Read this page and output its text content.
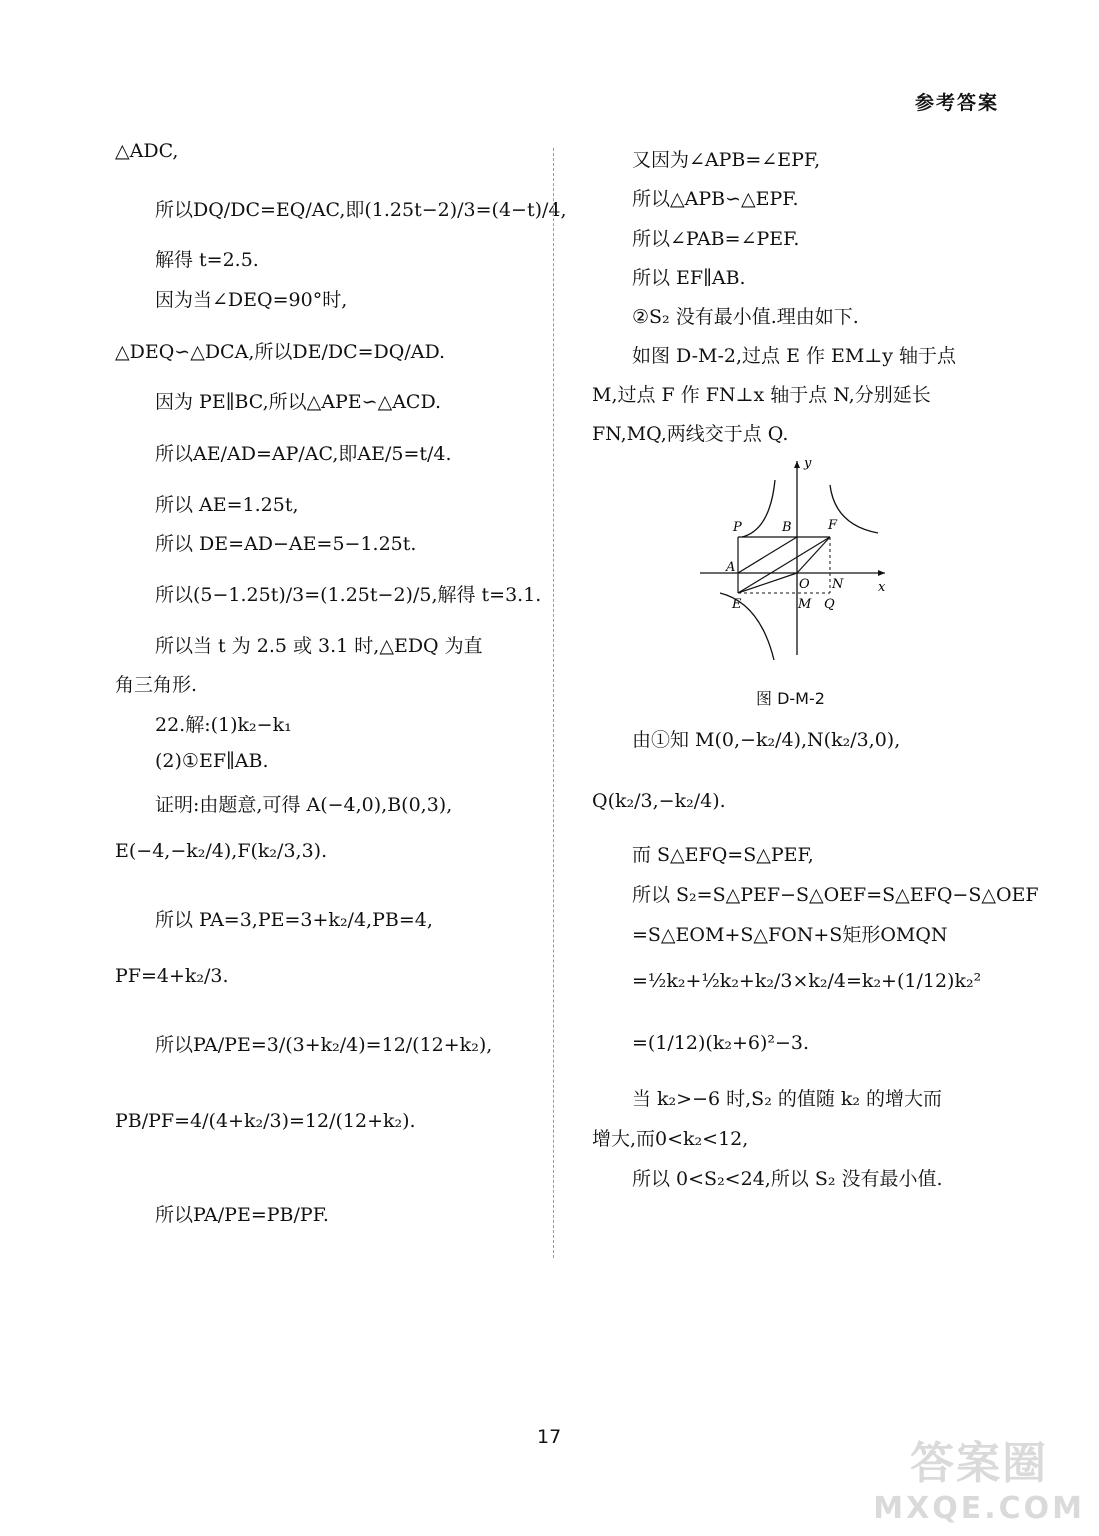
参考答案
△ADC,
所以DQ/DC=EQ/AC,即(1.25t−2)/3=(4−t)/4,
解得 t=2.5.
因为当∠DEQ=90°时,
△DEQ∽△DCA,所以DE/DC=DQ/AD.
因为 PE∥BC,所以△APE∽△ACD.
所以AE/AD=AP/AC,即AE/5=t/4.
所以 AE=1.25t,
所以 DE=AD−AE=5−1.25t.
所以(5−1.25t)/3=(1.25t−2)/5,解得 t=3.1.
所以当 t 为 2.5 或 3.1 时,△EDQ 为直
角三角形.
22.解:(1)k₂−k₁
(2)①EF∥AB.
证明:由题意,可得 A(−4,0),B(0,3),
E(−4,−k₂/4),F(k₂/3,3).
所以 PA=3,PE=3+k₂/4,PB=4,
PF=4+k₂/3.
所以PA/PE=3/(3+k₂/4)=12/(12+k₂),
PB/PF=4/(4+k₂/3)=12/(12+k₂).
所以PA/PE=PB/PF.
又因为∠APB=∠EPF,
所以△APB∽△EPF.
所以∠PAB=∠PEF.
所以 EF∥AB.
②S₂ 没有最小值.理由如下.
如图 D-M-2,过点 E 作 EM⊥y 轴于点
M,过点 F 作 FN⊥x 轴于点 N,分别延长
FN,MQ,两线交于点 Q.
由①知 M(0,−k₂/4),N(k₂/3,0),
Q(k₂/3,−k₂/4).
而 S△EFQ=S△PEF,
所以 S₂=S△PEF−S△OEF=S△EFQ−S△OEF
=S△EOM+S△FON+S矩形OMQN
=½k₂+½k₂+k₂/3×k₂/4=k₂+(1/12)k₂²
=(1/12)(k₂+6)²−3.
当 k₂>−6 时,S₂ 的值随 k₂ 的增大而
增大,而0<k₂<12,
所以 0<S₂<24,所以 S₂ 没有最小值.
y
x
P	B	F
A
O N
E	M Q
图 D-M-2
17
答案圈
MXQE.COM
